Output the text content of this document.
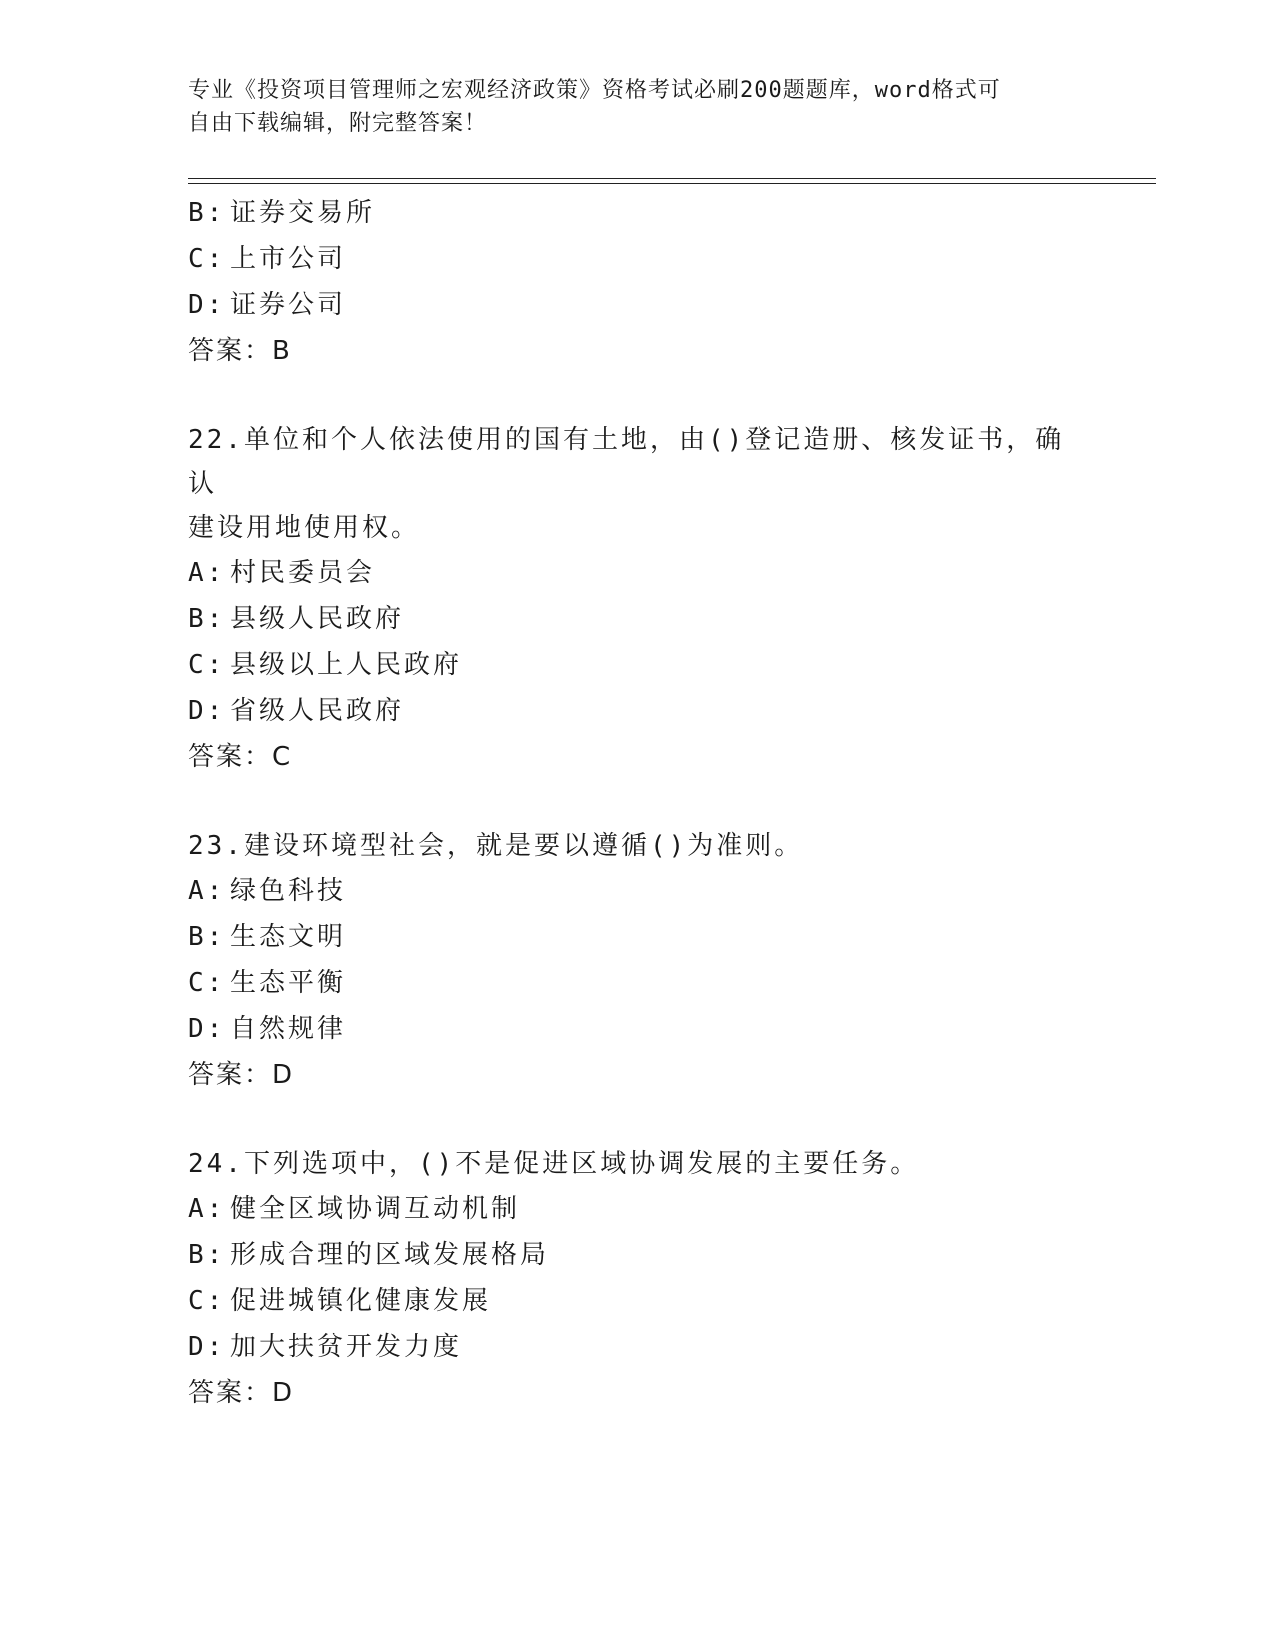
专业《投资项目管理师之宏观经济政策》资格考试必刷200题题库，word格式可
自由下载编辑，附完整答案！
B: 证券交易所
C: 上市公司
D: 证券公司
答案：B
22.单位和个人依法使用的国有土地，由()登记造册、核发证书，确认
建设用地使用权。
A: 村民委员会
B: 县级人民政府
C: 县级以上人民政府
D: 省级人民政府
答案：C
23.建设环境型社会，就是要以遵循()为准则。
A: 绿色科技
B: 生态文明
C: 生态平衡
D: 自然规律
答案：D
24.下列选项中，()不是促进区域协调发展的主要任务。
A: 健全区域协调互动机制
B: 形成合理的区域发展格局
C: 促进城镇化健康发展
D: 加大扶贫开发力度
答案：D
